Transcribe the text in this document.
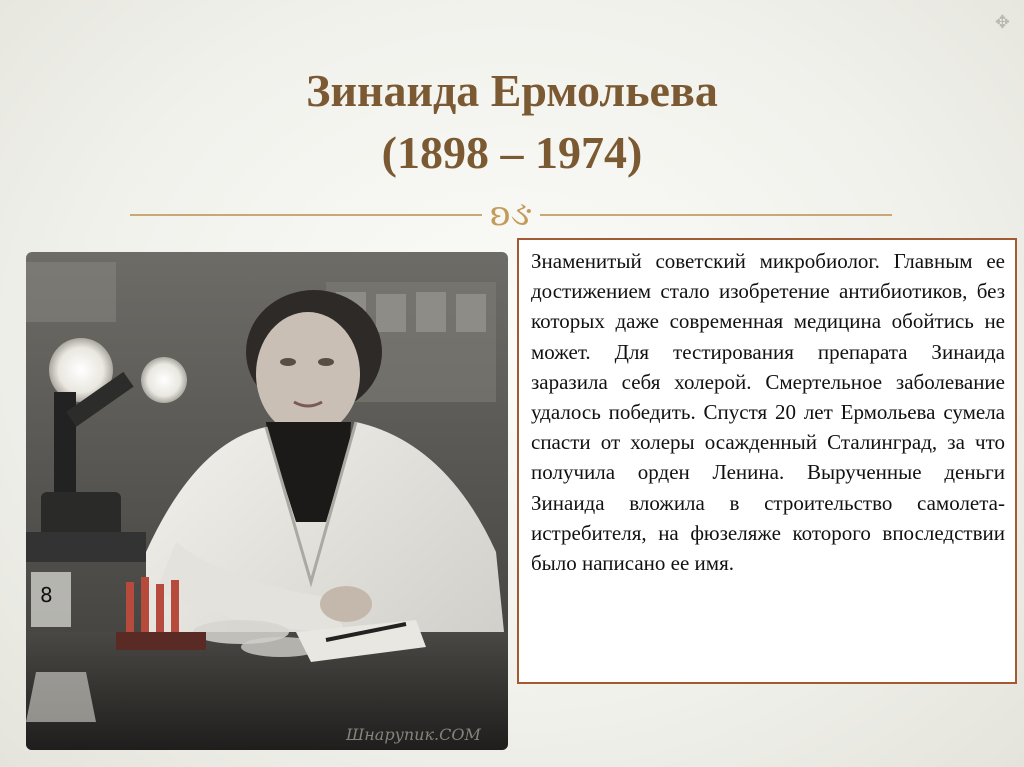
✥
Зинаида Ермольева
(1898 – 1974)
ʚઙ
8
Шнарупик.COM

Знаменитый советский микробиолог. Главным ее достижением стало изобретение антибиотиков, без которых даже современная медицина обойтись не может. Для тестирования препарата Зинаида заразила себя холерой. Смертельное заболевание удалось победить. Спустя 20 лет Ермольева сумела спасти от холеры осажденный Сталинград, за что получила орден Ленина. Вырученные деньги Зинаида вложила в строительство самолета-истребителя, на фюзеляже которого впоследствии было написано ее имя.
